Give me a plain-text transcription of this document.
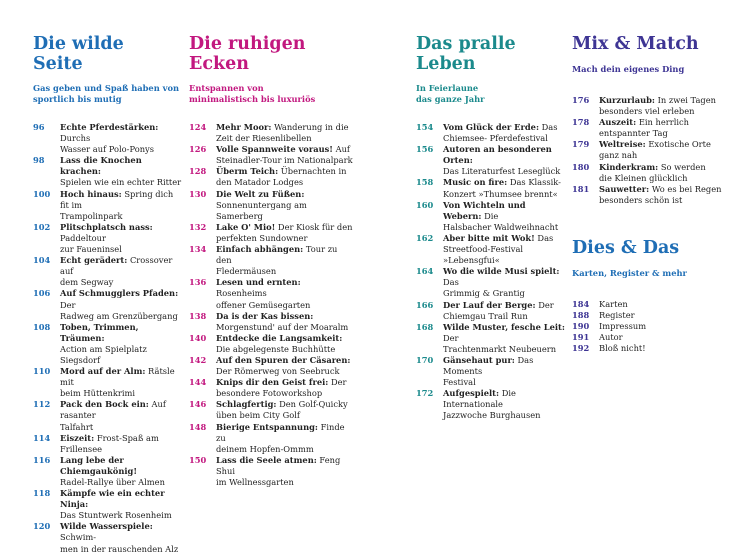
Die wilde
Seite
Gas geben und Spaß haben von
sportlich bis mutig
96 Echte Pferdestärken: Durchs
Wasser auf Polo-Ponys
98 Lass die Knochen krachen:
Spielen wie ein echter Ritter
100 Hoch hinaus: Spring dich fit im
Trampolinpark
102 Plitschplatsch nass: Paddeltour
zur Faueninsel
104 Echt gerädert: Crossover auf
dem Segway
106 Auf Schmugglers Pfaden: Der
Radweg am Grenzübergang
108 Toben, Trimmen, Träumen:
Action am Spielplatz Siegsdorf
110 Mord auf der Alm: Rätsle mit
beim Hüttenkrimi
112 Pack den Bock ein: Auf rasanter
Talfahrt
114 Eiszeit: Frost-Spaß am Frillensee
116 Lang lebe der Chiemgaukönig!
Radel-Rallye über Almen
118 Kämpfe wie ein echter Ninja:
Das Stuntwerk Rosenheim
120 Wilde Wasserspiele: Schwim-
men in der rauschenden Alz
Die ruhigen
Ecken
Entspannen von
minimalistisch bis luxuriös
124 Mehr Moor: Wanderung in die
Zeit der Riesenlibellen
126 Volle Spannweite voraus! Auf
Steinadler-Tour im Nationalpark
128 Überm Teich: Übernachten in
den Matador Lodges
130 Die Welt zu Füßen:
Sonnenuntergang am Samerberg
132 Lake O' Mio! Der Kiosk für den
perfekten Sundowner
134 Einfach abhängen: Tour zu den
Fledermäusen
136 Lesen und ernten: Rosenheims
offener Gemüsegarten
138 Da is der Kas bissen:
Morgenstund' auf der Moaralm
140 Entdecke die Langsamkeit:
Die abgelegenste Buchhütte
142 Auf den Spuren der Cäsaren:
Der Römerweg von Seebruck
144 Knips dir den Geist frei: Der
besondere Fotoworkshop
146 Schlagfertig: Den Golf-Quicky
üben beim City Golf
148 Bierige Entspannung: Finde zu
deinem Hopfen-Ommm
150 Lass die Seele atmen: Feng Shui
im Wellnessgarten
Das pralle
Leben
In Feierlaune
das ganze Jahr
154 Vom Glück der Erde: Das
Chiemsee- Pferdefestival
156 Autoren an besonderen Orten:
Das Literaturfest Leseglück
158 Music on fire: Das Klassik-
Konzert »Thumsee brennt«
160 Von Wichteln und Webern: Die
Halsbacher Waldweihnacht
162 Aber bitte mit Wok! Das
Streetfood-Festival »Lebensgfui«
164 Wo die wilde Musi spielt: Das
Grimmig & Grantig
166 Der Lauf der Berge: Der
Chiemgau Trail Run
168 Wilde Muster, fesche Leit: Der
Trachtenmarkt Neubeuern
170 Gänsehaut pur: Das Moments
Festival
172 Aufgespielt: Die Internationale
Jazzwoche Burghausen
Mix & Match
Mach dein eigenes Ding
176 Kurzurlaub: In zwei Tagen
besonders viel erleben
178 Auszeit: Ein herrlich
entspannter Tag
179 Weltreise: Exotische Orte
ganz nah
180 Kinderkram: So werden
die Kleinen glücklich
181 Sauwetter: Wo es bei Regen
besonders schön ist
Dies & Das
Karten, Register & mehr
184 Karten
188 Register
190 Impressum
191 Autor
192 Bloß nicht!
